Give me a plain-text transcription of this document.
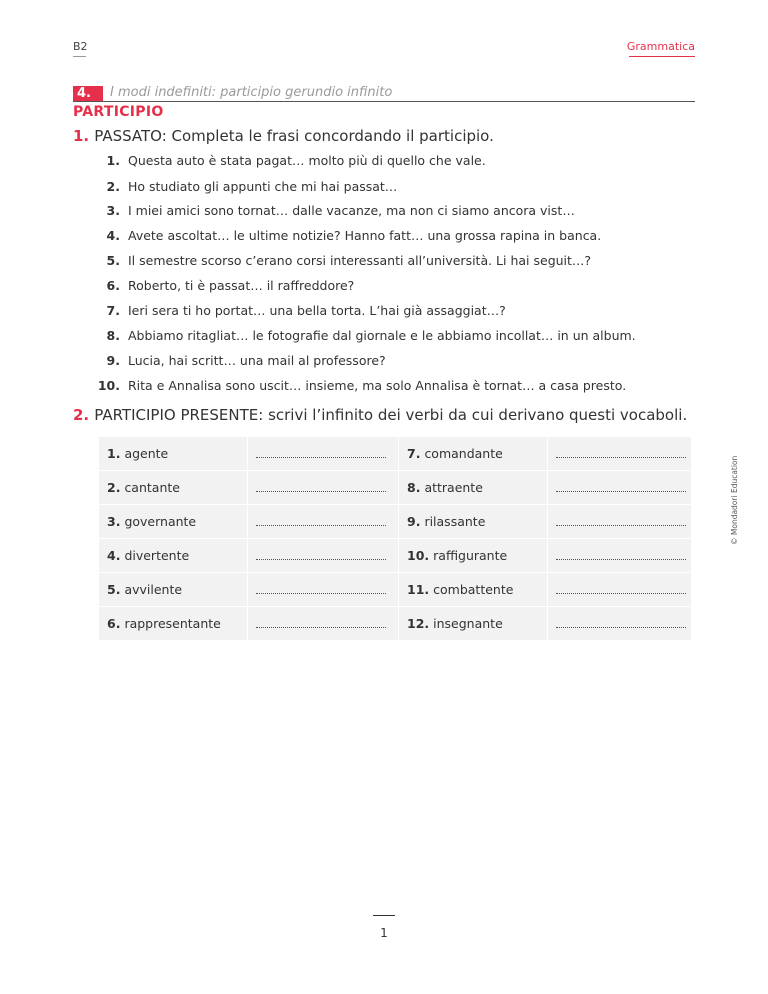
B2	Grammatica
4.	I modi indefiniti: participio gerundio infinito
PARTICIPIO
1. PASSATO: Completa le frasi concordando il participio.
1. Questa auto è stata pagat… molto più di quello che vale.
2. Ho studiato gli appunti che mi hai passat…
3. I miei amici sono tornat… dalle vacanze, ma non ci siamo ancora vist…
4. Avete ascoltat… le ultime notizie? Hanno fatt… una grossa rapina in banca.
5. Il semestre scorso c’erano corsi interessanti all’università. Li hai seguit…?
6. Roberto, ti è passat… il raffreddore?
7. Ieri sera ti ho portat… una bella torta. L’hai già assaggiat…?
8. Abbiamo ritagliat… le fotografie dal giornale e le abbiamo incollat… in un album.
9. Lucia, hai scritt… una mail al professore?
10. Rita e Annalisa sono uscit… insieme, ma solo Annalisa è tornat… a casa presto.
2. PARTICIPIO PRESENTE: scrivi l’infinito dei verbi da cui derivano questi vocaboli.
1. agente		7. comandante	

2. cantante		8. attraente	

3. governante		9. rilassante	

4. divertente		10. raffigurante	

5. avvilente		11. combattente	

6. rappresentante		12. insegnante	
© Mondadori Education
1
